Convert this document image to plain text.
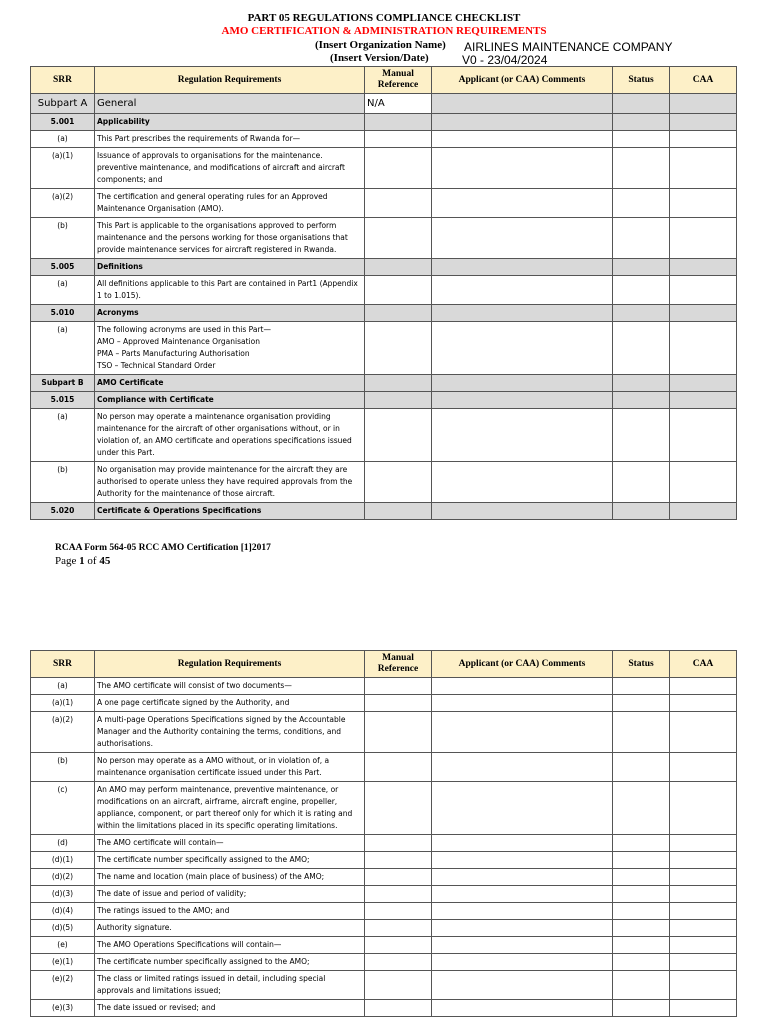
PART 05 REGULATIONS COMPLIANCE CHECKLIST
AMO CERTIFICATION & ADMINISTRATION REQUIREMENTS
(Insert Organization Name) AIRLINES MAINTENANCE COMPANY
(Insert Version/Date)	V0 - 23/04/2024
SRR	Regulation Requirements	Manual Reference	Applicant (or CAA) Comments	Status	CAA
Subpart A	General	N/A			
5.001	Applicability				
(a)	This Part prescribes the requirements of Rwanda for—				
(a)(1)	Issuance of approvals to organisations for the maintenance. preventive maintenance, and modifications of aircraft and aircraft components; and				
(a)(2)	The certification and general operating rules for an Approved Maintenance Organisation (AMO).				
(b)	This Part is applicable to the organisations approved to perform maintenance and the persons working for those organisations that provide maintenance services for aircraft registered in Rwanda.				
5.005	Definitions				
(a)	All definitions applicable to this Part are contained in Part1 (Appendix 1 to 1.015).				
5.010	Acronyms				
(a)	The following acronyms are used in this Part—
AMO – Approved Maintenance Organisation
PMA – Parts Manufacturing Authorisation
TSO – Technical Standard Order				
Subpart B	AMO Certificate				
5.015	Compliance with Certificate				
(a)	No person may operate a maintenance organisation providing maintenance for the aircraft of other organisations without, or in violation of, an AMO certificate and operations specifications issued under this Part.				
(b)	No organisation may provide maintenance for the aircraft they are authorised to operate unless they have required approvals from the Authority for the maintenance of those aircraft.				
5.020	Certificate & Operations Specifications				
RCAA Form 564-05 RCC AMO Certification [1]2017
Page 1 of 45
SRR	Regulation Requirements	Manual Reference	Applicant (or CAA) Comments	Status	CAA
(a)	The AMO certificate will consist of two documents—				
(a)(1)	A one page certificate signed by the Authority, and				
(a)(2)	A multi-page Operations Specifications signed by the Accountable Manager and the Authority containing the terms, conditions, and authorisations.				
(b)	No person may operate as a AMO without, or in violation of, a maintenance organisation certificate issued under this Part.				
(c)	An AMO may perform maintenance, preventive maintenance, or modifications on an aircraft, airframe, aircraft engine, propeller, appliance, component, or part thereof only for which it is rating and within the limitations placed in its specific operating limitations.				
(d)	The AMO certificate will contain—				
(d)(1)	The certificate number specifically assigned to the AMO;				
(d)(2)	The name and location (main place of business) of the AMO;				
(d)(3)	The date of issue and period of validity;				
(d)(4)	The ratings issued to the AMO; and				
(d)(5)	Authority signature.				
(e)	The AMO Operations Specifications will contain—				
(e)(1)	The certificate number specifically assigned to the AMO;				
(e)(2)	The class or limited ratings issued in detail, including special approvals and limitations issued;				
(e)(3)	The date issued or revised; and				
